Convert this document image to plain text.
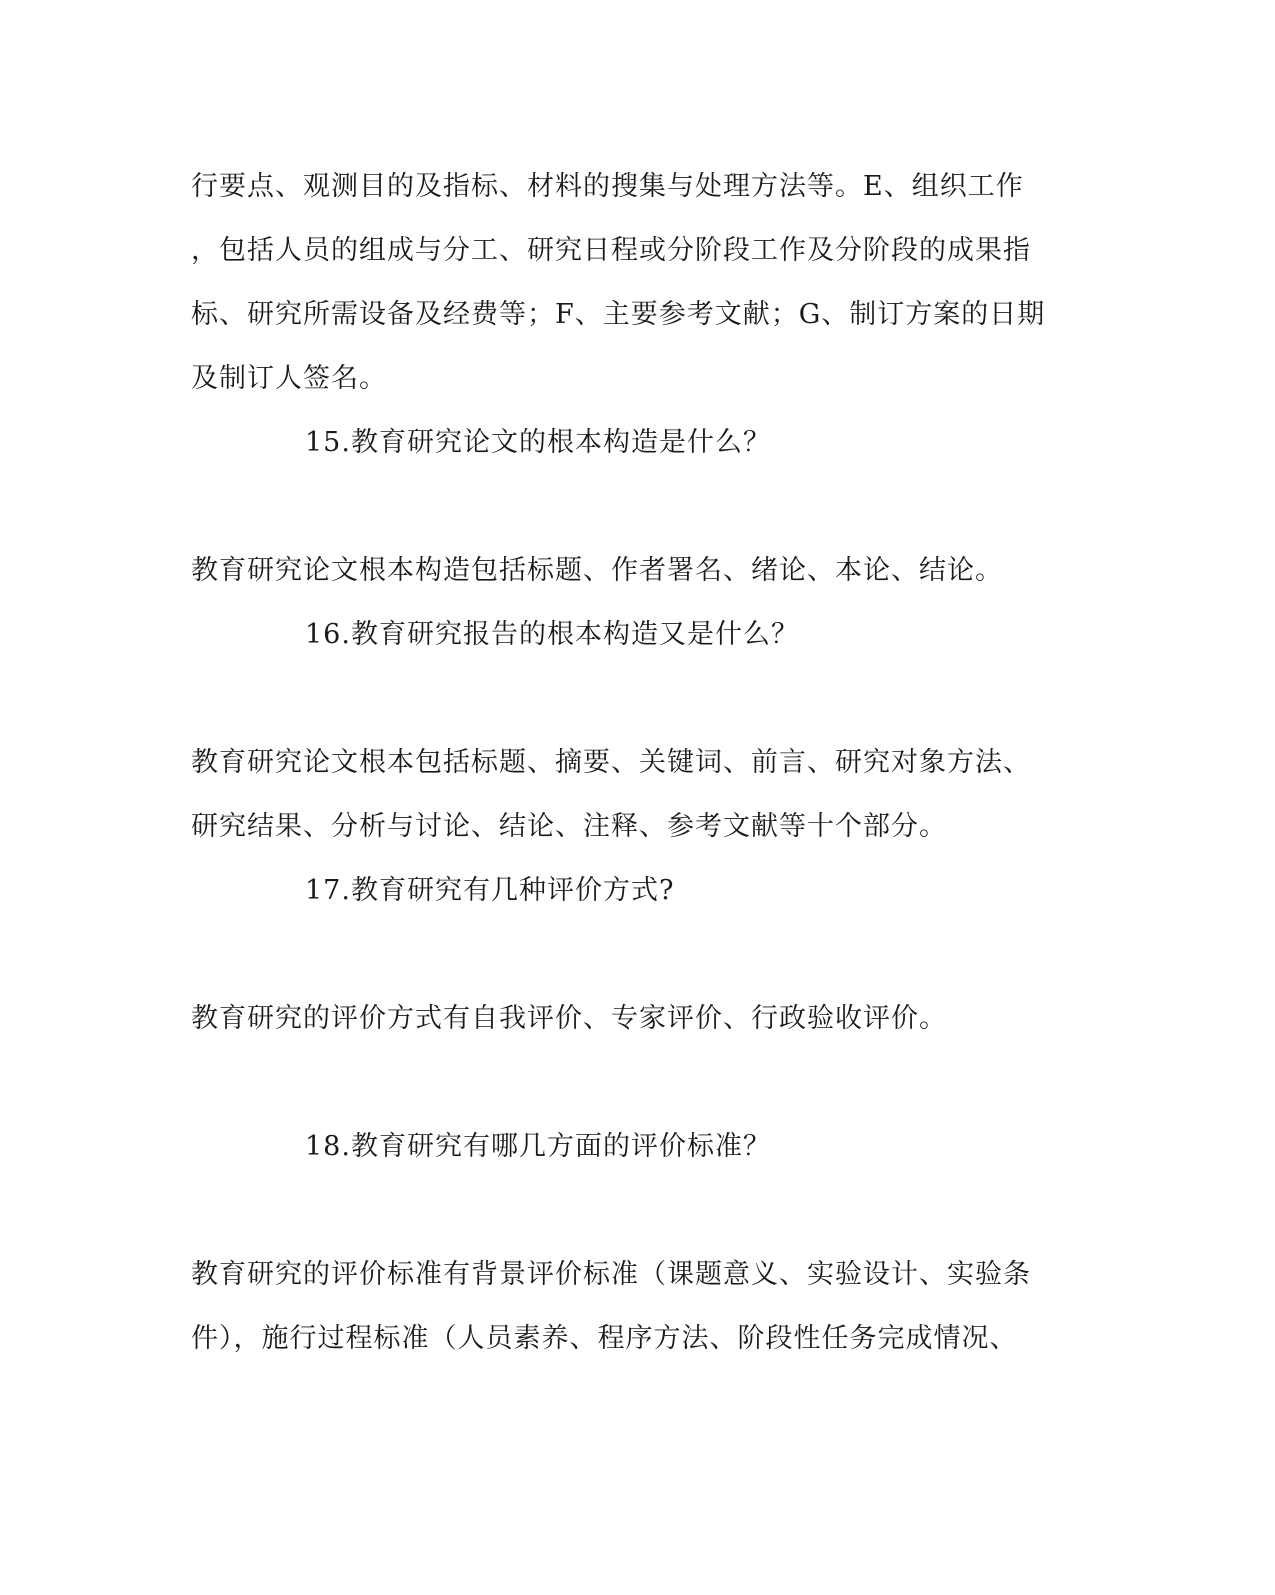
行要点、观测目的及指标、材料的搜集与处理方法等。E、组织工作
，包括人员的组成与分工、研究日程或分阶段工作及分阶段的成果指
标、研究所需设备及经费等；F、主要参考文献；G、制订方案的日期
及制订人签名。
15.教育研究论文的根本构造是什么？
教育研究论文根本构造包括标题、作者署名、绪论、本论、结论。
16.教育研究报告的根本构造又是什么？
教育研究论文根本包括标题、摘要、关键词、前言、研究对象方法、
研究结果、分析与讨论、结论、注释、参考文献等十个部分。
17.教育研究有几种评价方式?
教育研究的评价方式有自我评价、专家评价、行政验收评价。
18.教育研究有哪几方面的评价标准？
教育研究的评价标准有背景评价标准（课题意义、实验设计、实验条
件），施行过程标准（人员素养、程序方法、阶段性任务完成情况、
